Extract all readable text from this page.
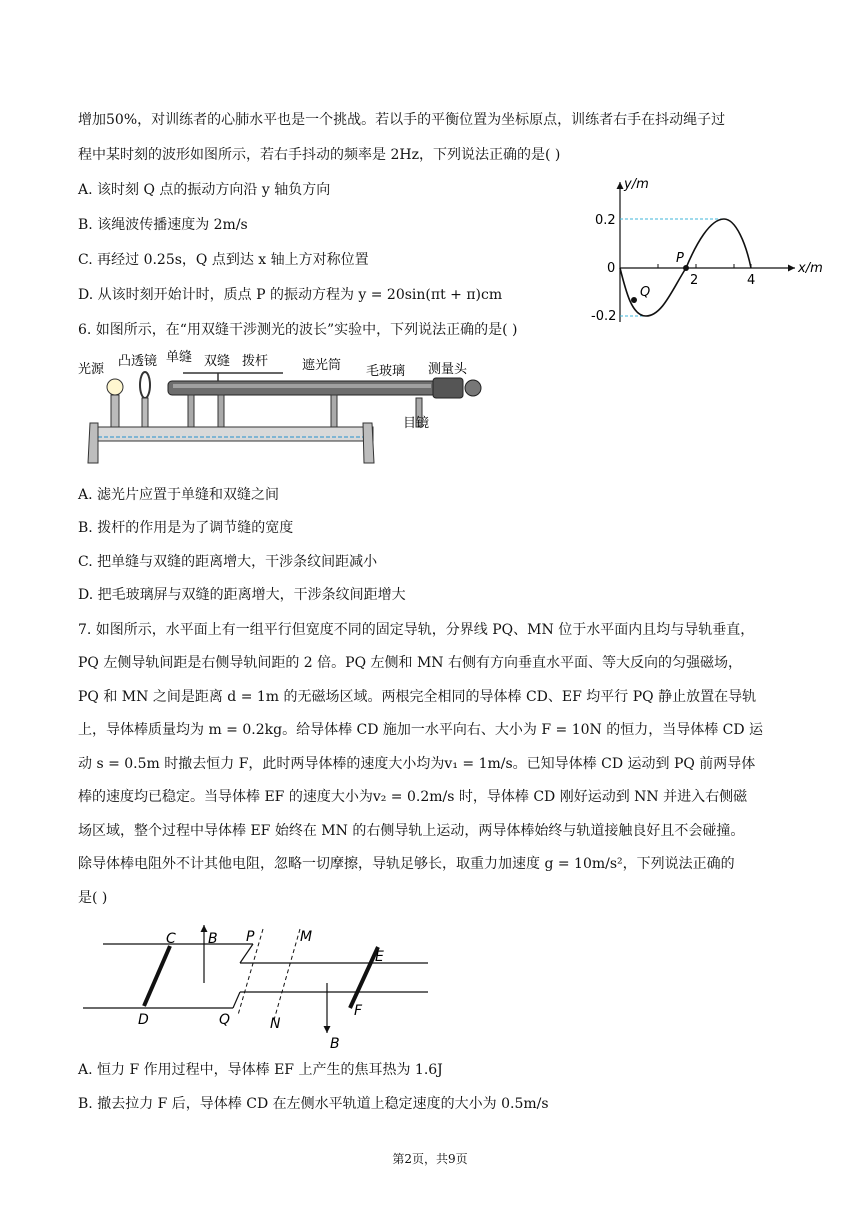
增加50%，对训练者的心肺水平也是一个挑战。若以手的平衡位置为坐标原点，训练者右手在抖动绳子过
程中某时刻的波形如图所示，若右手抖动的频率是 2Hz，下列说法正确的是( )
A. 该时刻 Q 点的振动方向沿 y 轴负方向
B. 该绳波传播速度为 2m/s
C. 再经过 0.25s，Q 点到达 x 轴上方对称位置
D. 从该时刻开始计时，质点 P 的振动方程为 y = 20sin(πt + π)cm
y/m
x/m
0
0.2
-0.2
2	4
P
Q
6. 如图所示，在“用双缝干涉测光的波长”实验中，下列说法正确的是( )
光源
凸透镜 单缝 双缝 拨杆	遮光筒 毛玻璃 测量头
目镜
A. 滤光片应置于单缝和双缝之间
B. 拨杆的作用是为了调节缝的宽度
C. 把单缝与双缝的距离增大，干涉条纹间距减小
D. 把毛玻璃屏与双缝的距离增大，干涉条纹间距增大
7. 如图所示，水平面上有一组平行但宽度不同的固定导轨，分界线 PQ、MN 位于水平面内且均与导轨垂直，
PQ 左侧导轨间距是右侧导轨间距的 2 倍。PQ 左侧和 MN 右侧有方向垂直水平面、等大反向的匀强磁场，
PQ 和 MN 之间是距离 d = 1m 的无磁场区域。两根完全相同的导体棒 CD、EF 均平行 PQ 静止放置在导轨
上，导体棒质量均为 m = 0.2kg。给导体棒 CD 施加一水平向右、大小为 F = 10N 的恒力，当导体棒 CD 运
动 s = 0.5m 时撤去恒力 F，此时两导体棒的速度大小均为v₁ = 1m/s。已知导体棒 CD 运动到 PQ 前两导体
棒的速度均已稳定。当导体棒 EF 的速度大小为v₂ = 0.2m/s 时，导体棒 CD 刚好运动到 NN 并进入右侧磁
场区域，整个过程中导体棒 EF 始终在 MN 的右侧导轨上运动，两导体棒始终与轨道接触良好且不会碰撞。
除导体棒电阻外不计其他电阻，忽略一切摩擦，导轨足够长，取重力加速度 g = 10m/s²，下列说法正确的
是( )
C
D
B P
Q
M
N
E
F
B
A. 恒力 F 作用过程中，导体棒 EF 上产生的焦耳热为 1.6J
B. 撤去拉力 F 后，导体棒 CD 在左侧水平轨道上稳定速度的大小为 0.5m/s
第2页，共9页
